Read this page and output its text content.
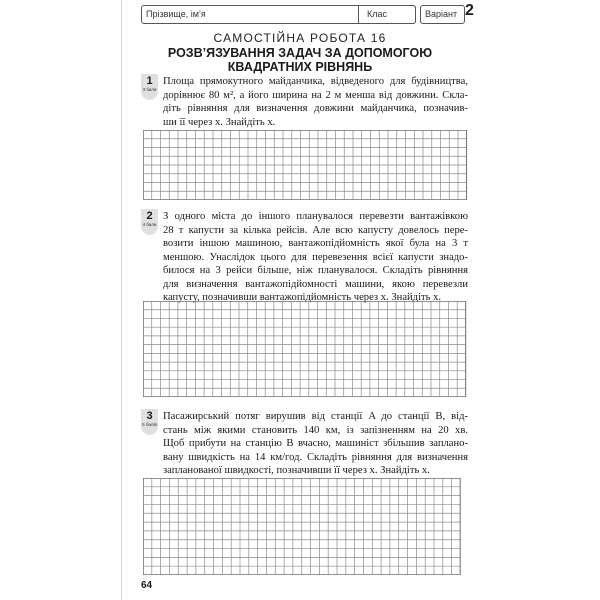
Прізвище, ім’я	Клас	Варіант 2
САМОСТІЙНА РОБОТА 16
РОЗВ’ЯЗУВАННЯ ЗАДАЧ ЗА ДОПОМОГОЮ
КВАДРАТНИХ РІВНЯНЬ
1
3 бали
Площа прямокутного майданчика, відведеного для будівництва,
дорівнює 80 м², а його ширина на 2 м менша від довжини. Скла-
діть рівняння для визначення довжини майданчика, позначив-
ши її через x. Знайдіть x.
2
4 бали
З одного міста до іншого планувалося перевезти вантажівкою
28 т капусти за кілька рейсів. Але всю капусту довелось пере-
возити іншою машиною, вантажопідйомність якої була на 3 т
меншою. Унаслідок цього для перевезення всієї капусти знадо-
билося на 3 рейси більше, ніж планувалося. Складіть рівняння
для визначення вантажопідйомності машини, якою перевезли
капусту, позначивши вантажопідйомність через x. Знайдіть x.
3
5 балів
Пасажирський потяг вирушив від станції A до станції B, від-
стань між якими становить 140 км, із запізненням на 20 хв.
Щоб прибути на станцію B вчасно, машиніст збільшив заплано-
вану швидкість на 14 км/год. Складіть рівняння для визначення
запланованої швидкості, позначивши її через x. Знайдіть x.
64
